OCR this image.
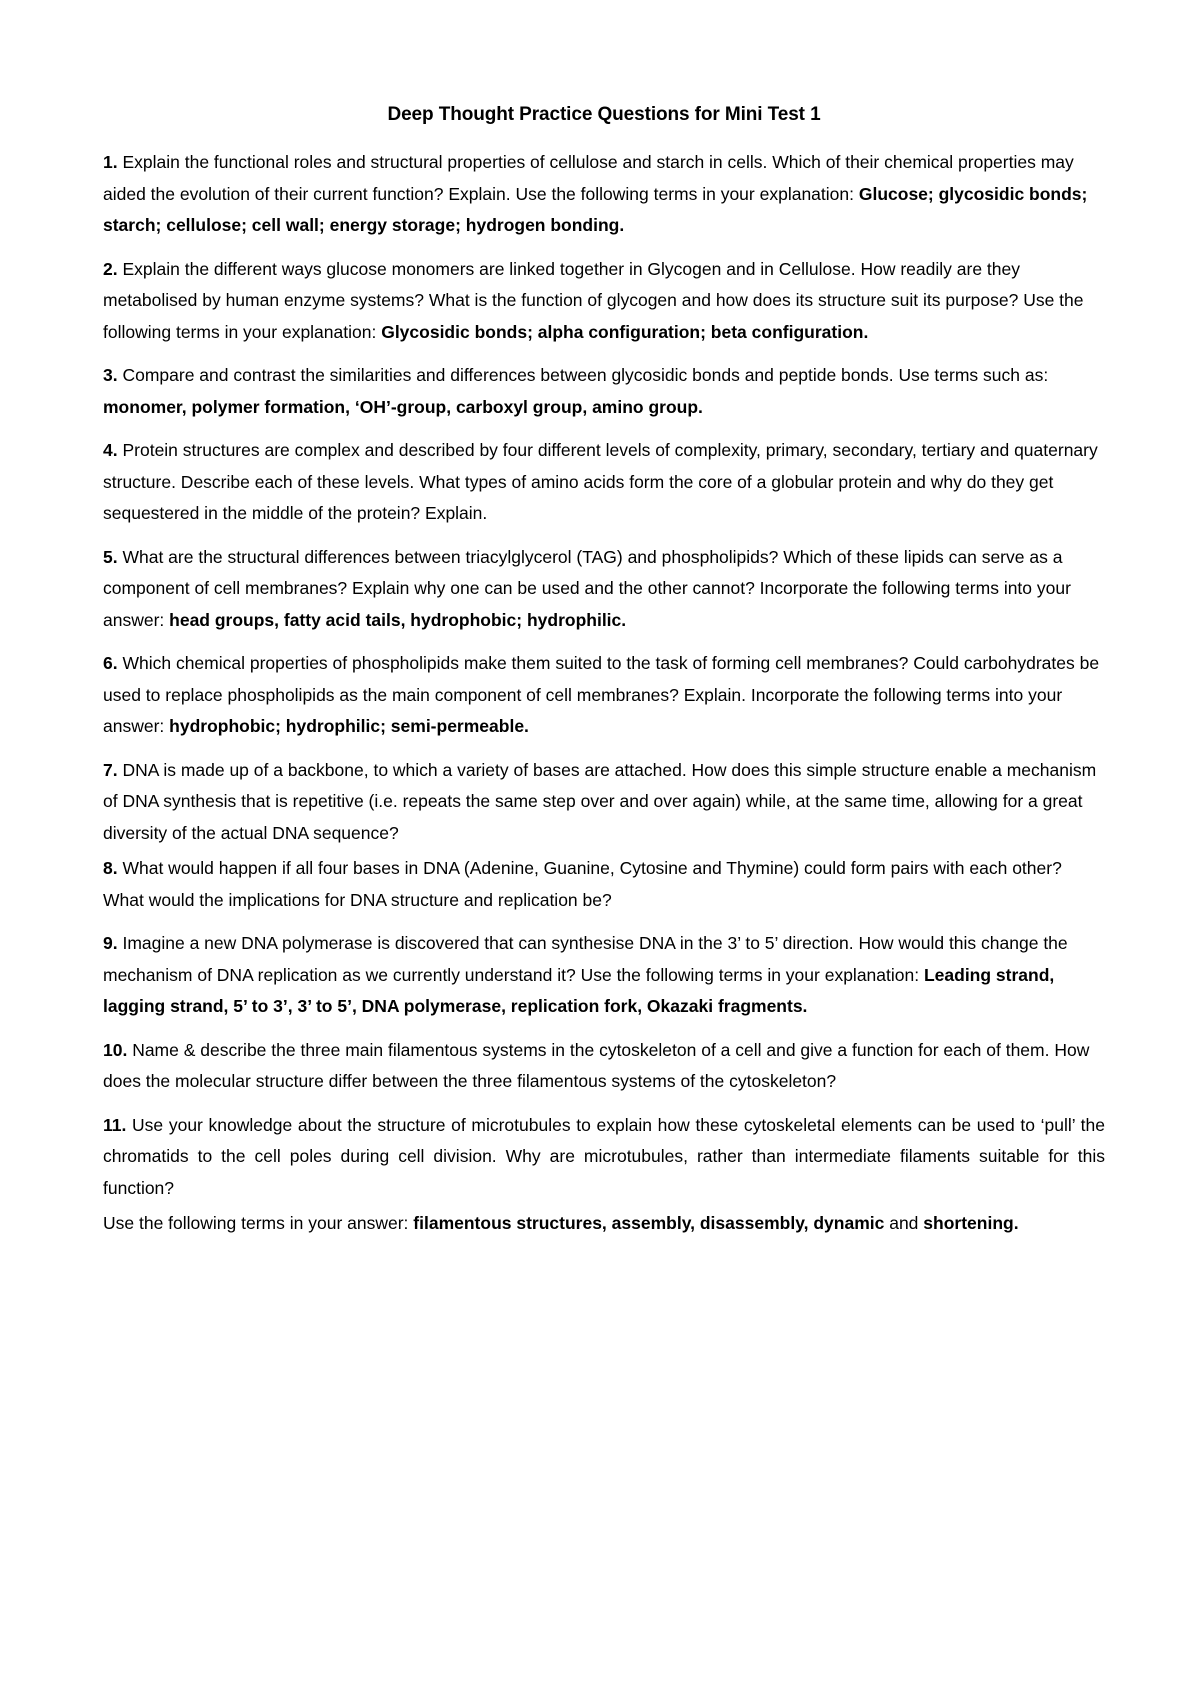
Deep Thought Practice Questions for Mini Test 1

1. Explain the functional roles and structural properties of cellulose and starch in cells. Which of their chemical properties may aided the evolution of their current function? Explain. Use the following terms in your explanation: Glucose; glycosidic bonds; starch; cellulose; cell wall; energy storage; hydrogen bonding.

2. Explain the different ways glucose monomers are linked together in Glycogen and in Cellulose. How readily are they metabolised by human enzyme systems? What is the function of glycogen and how does its structure suit its purpose? Use the following terms in your explanation: Glycosidic bonds; alpha configuration; beta configuration.

3. Compare and contrast the similarities and differences between glycosidic bonds and peptide bonds. Use terms such as: monomer, polymer formation, ‘OH’-group, carboxyl group, amino group.

4. Protein structures are complex and described by four different levels of complexity, primary, secondary, tertiary and quaternary structure. Describe each of these levels. What types of amino acids form the core of a globular protein and why do they get sequestered in the middle of the protein? Explain.

5. What are the structural differences between triacylglycerol (TAG) and phospholipids? Which of these lipids can serve as a component of cell membranes? Explain why one can be used and the other cannot? Incorporate the following terms into your answer: head groups, fatty acid tails, hydrophobic; hydrophilic.

6. Which chemical properties of phospholipids make them suited to the task of forming cell membranes? Could carbohydrates be used to replace phospholipids as the main component of cell membranes? Explain. Incorporate the following terms into your answer: hydrophobic; hydrophilic; semi-permeable.

7. DNA is made up of a backbone, to which a variety of bases are attached. How does this simple structure enable a mechanism of DNA synthesis that is repetitive (i.e. repeats the same step over and over again) while, at the same time, allowing for a great diversity of the actual DNA sequence?

8. What would happen if all four bases in DNA (Adenine, Guanine, Cytosine and Thymine) could form pairs with each other? What would the implications for DNA structure and replication be?

9. Imagine a new DNA polymerase is discovered that can synthesise DNA in the 3’ to 5’ direction. How would this change the mechanism of DNA replication as we currently understand it? Use the following terms in your explanation: Leading strand, lagging strand, 5’ to 3’, 3’ to 5’, DNA polymerase, replication fork, Okazaki fragments.

10. Name & describe the three main filamentous systems in the cytoskeleton of a cell and give a function for each of them. How does the molecular structure differ between the three filamentous systems of the cytoskeleton?

11. Use your knowledge about the structure of microtubules to explain how these cytoskeletal elements can be used to ‘pull’ the chromatids to the cell poles during cell division. Why are microtubules, rather than intermediate filaments suitable for this function?

Use the following terms in your answer: filamentous structures, assembly, disassembly, dynamic and shortening.
